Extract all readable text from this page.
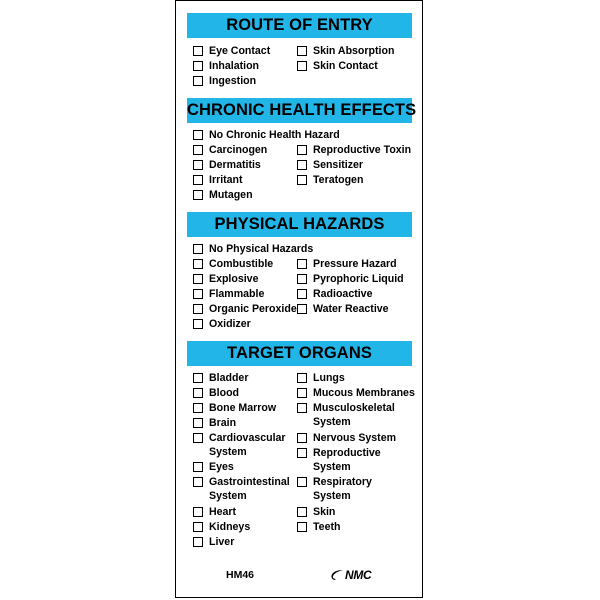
ROUTE OF ENTRY
Eye Contact
Inhalation
Ingestion
Skin Absorption
Skin Contact
CHRONIC HEALTH EFFECTS
No Chronic Health Hazard
Carcinogen
Dermatitis
Irritant
Mutagen
Reproductive Toxin
Sensitizer
Teratogen
PHYSICAL HAZARDS
No Physical Hazards
Combustible
Explosive
Flammable
Organic Peroxide
Oxidizer
Pressure Hazard
Pyrophoric Liquid
Radioactive
Water Reactive
TARGET ORGANS
Bladder
Blood
Bone Marrow
Brain
Cardiovascular
System
Eyes
Gastrointestinal
System
Heart
Kidneys
Liver
Lungs
Mucous Membranes
Musculoskeletal
System
Nervous System
Reproductive
System
Respiratory
System
Skin
Teeth
HM46	NMC
